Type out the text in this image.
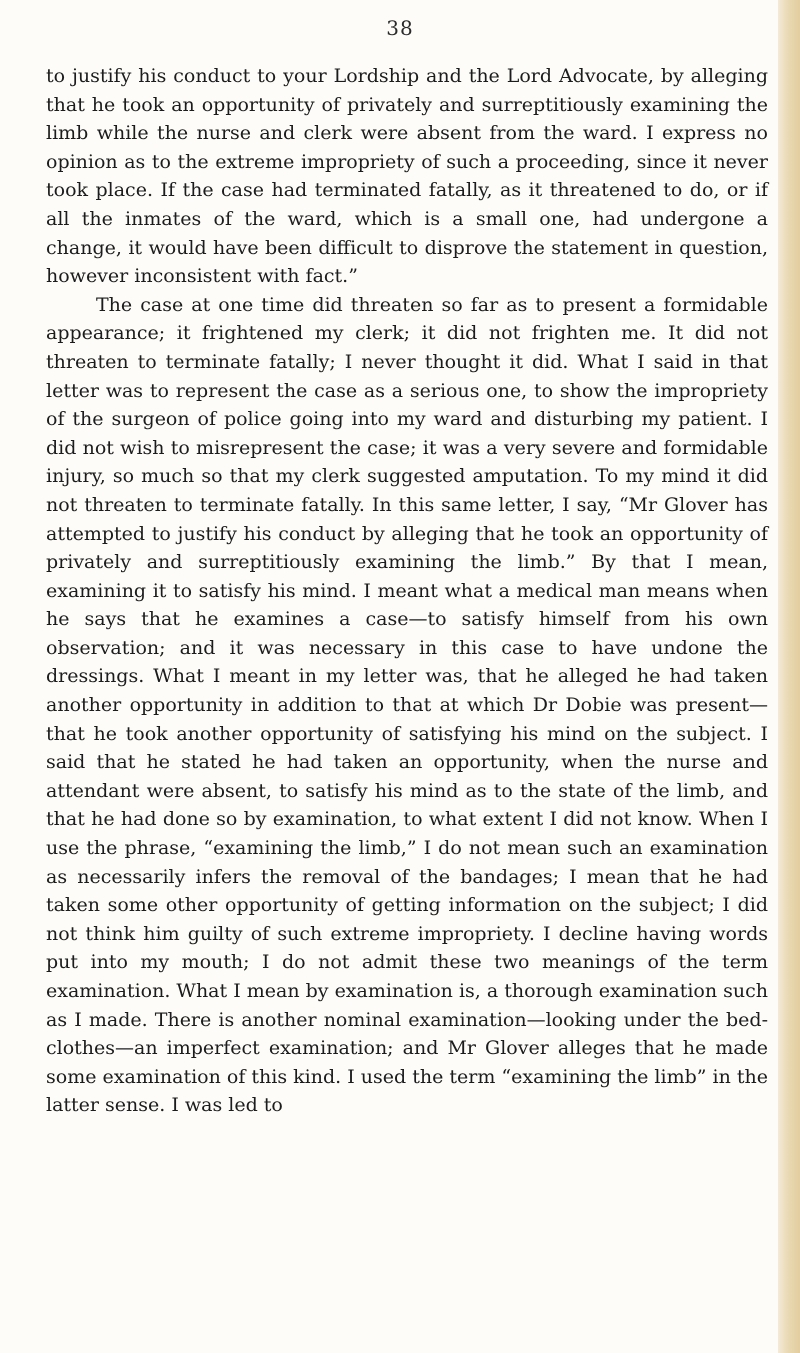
38

to justify his conduct to your Lordship and the Lord Advocate, by alleging that he took an opportunity of privately and surreptitiously examining the limb while the nurse and clerk were absent from the ward. I express no opinion as to the extreme impropriety of such a proceeding, since it never took place. If the case had terminated fatally, as it threatened to do, or if all the inmates of the ward, which is a small one, had undergone a change, it would have been difficult to disprove the statement in question, however inconsistent with fact.”

The case at one time did threaten so far as to present a formidable appearance; it frightened my clerk; it did not frighten me. It did not threaten to terminate fatally; I never thought it did. What I said in that letter was to represent the case as a serious one, to show the impropriety of the surgeon of police going into my ward and disturbing my patient. I did not wish to misrepresent the case; it was a very severe and formidable injury, so much so that my clerk suggested amputation. To my mind it did not threaten to terminate fatally. In this same letter, I say, “Mr Glover has attempted to justify his conduct by alleging that he took an opportunity of privately and surreptitiously examining the limb.” By that I mean, examining it to satisfy his mind. I meant what a medical man means when he says that he examines a case—to satisfy himself from his own observation; and it was necessary in this case to have undone the dressings. What I meant in my letter was, that he alleged he had taken another opportunity in addition to that at which Dr Dobie was present—that he took another opportunity of satisfying his mind on the subject. I said that he stated he had taken an opportunity, when the nurse and attendant were absent, to satisfy his mind as to the state of the limb, and that he had done so by examination, to what extent I did not know. When I use the phrase, “examining the limb,” I do not mean such an examination as necessarily infers the removal of the bandages; I mean that he had taken some other opportunity of getting information on the subject; I did not think him guilty of such extreme impropriety. I decline having words put into my mouth; I do not admit these two meanings of the term examination. What I mean by examination is, a thorough examination such as I made. There is another nominal examination—looking under the bed-clothes—an imperfect examination; and Mr Glover alleges that he made some examination of this kind. I used the term “examining the limb” in the latter sense. I was led to
